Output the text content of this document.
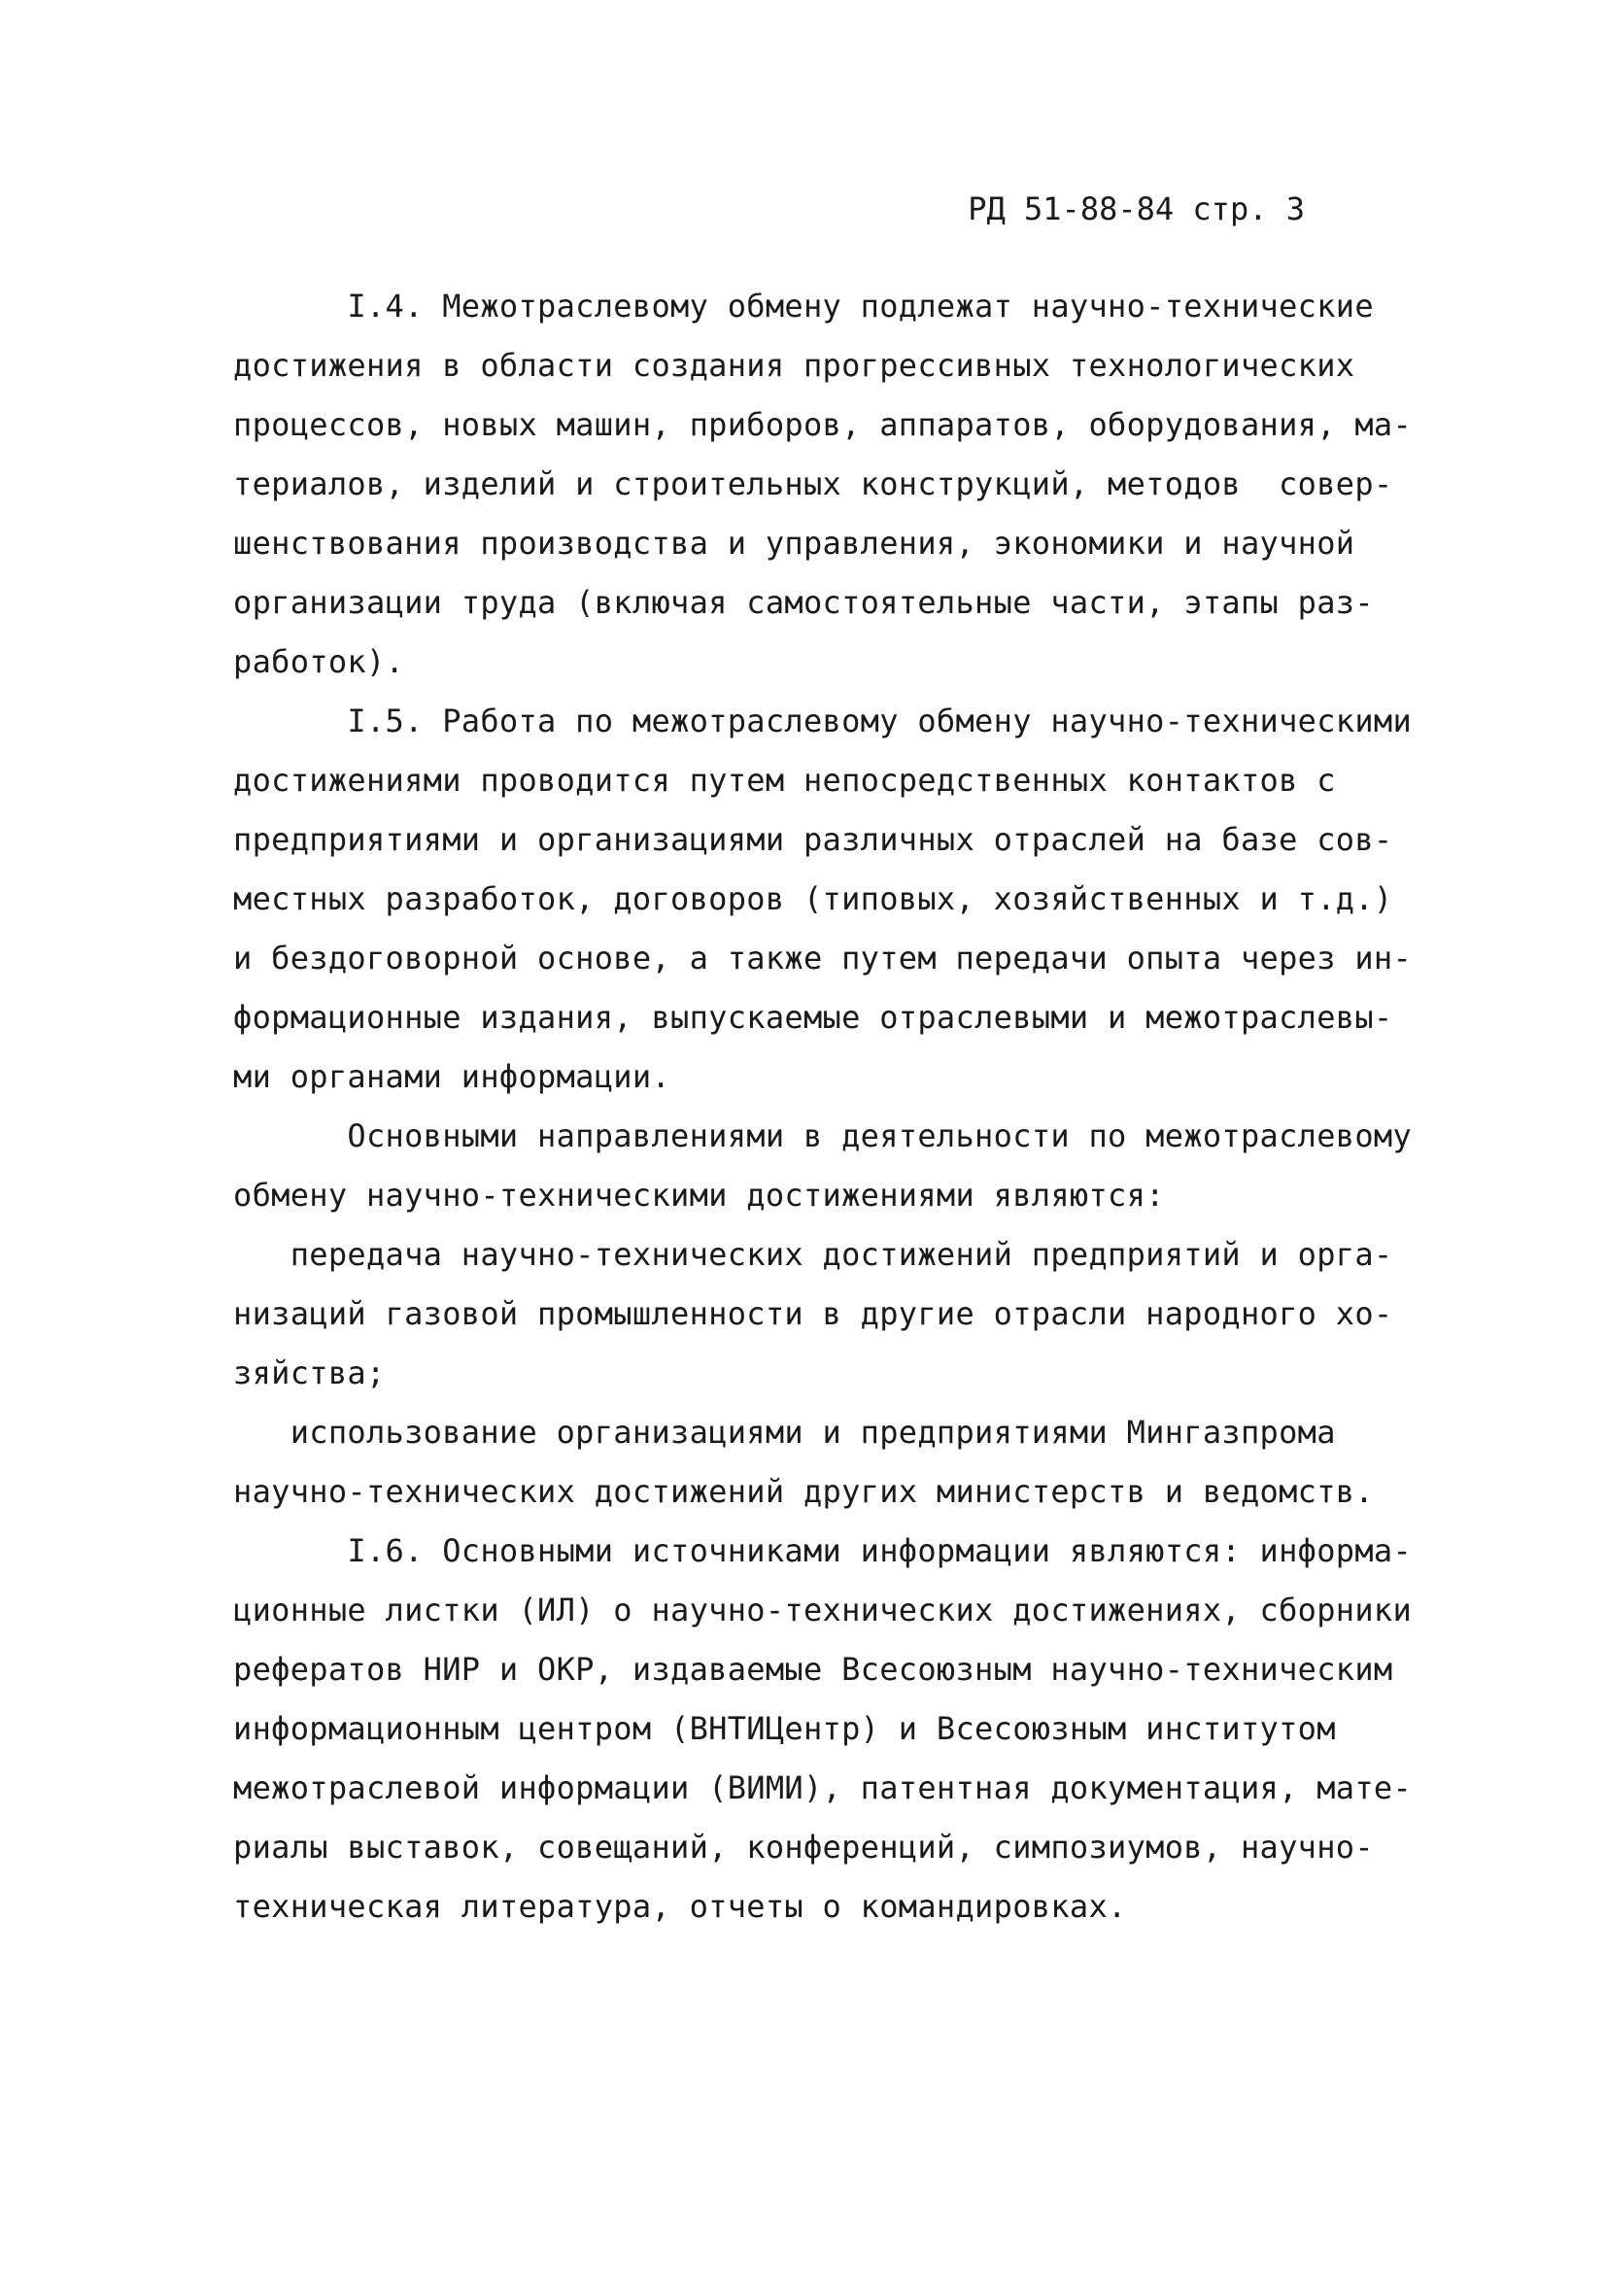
РД 51-88-84 стр. 3
I.4. Межотраслевому обмену подлежат научно-технические
достижения в области создания прогрессивных технологических
процессов, новых машин, приборов, аппаратов, оборудования, ма-
териалов, изделий и строительных конструкций, методов  совер-
шенствования производства и управления, экономики и научной
организации труда (включая самостоятельные части, этапы раз-
работок).
I.5. Работа по межотраслевому обмену научно-техническими
достижениями проводится путем непосредственных контактов с
предприятиями и организациями различных отраслей на базе сов-
местных разработок, договоров (типовых, хозяйственных и т.д.)
и бездоговорной основе, а также путем передачи опыта через ин-
формационные издания, выпускаемые отраслевыми и межотраслевы-
ми органами информации.
Основными направлениями в деятельности по межотраслевому
обмену научно-техническими достижениями являются:
передача научно-технических достижений предприятий и орга-
низаций газовой промышленности в другие отрасли народного хо-
зяйства;
использование организациями и предприятиями Мингазпрома
научно-технических достижений других министерств и ведомств.
I.6. Основными источниками информации являются: информа-
ционные листки (ИЛ) о научно-технических достижениях, сборники
рефератов НИР и ОКР, издаваемые Всесоюзным научно-техническим
информационным центром (ВНТИЦентр) и Всесоюзным институтом
межотраслевой информации (ВИМИ), патентная документация, мате-
риалы выставок, совещаний, конференций, симпозиумов, научно-
техническая литература, отчеты о командировках.
